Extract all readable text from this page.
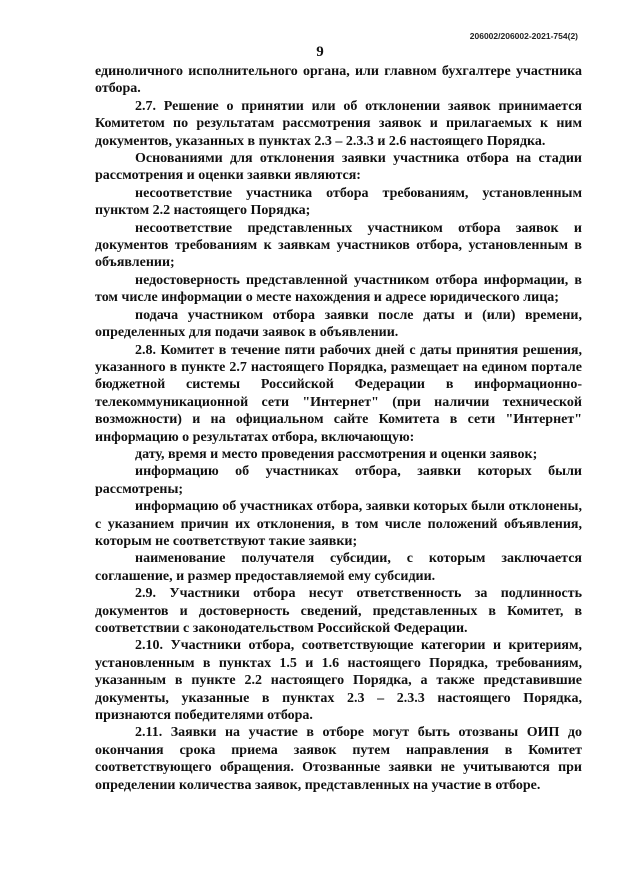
206002/206002-2021-754(2)
9

единоличного исполнительного органа, или главном бухгалтере участника отбора.

2.7. Решение о принятии или об отклонении заявок принимается Комитетом по результатам рассмотрения заявок и прилагаемых к ним документов, указанных в пунктах 2.3 – 2.3.3 и 2.6 настоящего Порядка.

Основаниями для отклонения заявки участника отбора на стадии рассмотрения и оценки заявки являются:

несоответствие участника отбора требованиям, установленным пунктом 2.2 настоящего Порядка;

несоответствие представленных участником отбора заявок и документов требованиям к заявкам участников отбора, установленным в объявлении;

недостоверность представленной участником отбора информации, в том числе информации о месте нахождения и адресе юридического лица;

подача участником отбора заявки после даты и (или) времени, определенных для подачи заявок в объявлении.

2.8. Комитет в течение пяти рабочих дней с даты принятия решения, указанного в пункте 2.7 настоящего Порядка, размещает на едином портале бюджетной системы Российской Федерации в информационно-телекоммуникационной сети "Интернет" (при наличии технической возможности) и на официальном сайте Комитета в сети "Интернет" информацию о результатах отбора, включающую:

дату, время и место проведения рассмотрения и оценки заявок;

информацию об участниках отбора, заявки которых были рассмотрены;

информацию об участниках отбора, заявки которых были отклонены, с указанием причин их отклонения, в том числе положений объявления, которым не соответствуют такие заявки;

наименование получателя субсидии, с которым заключается соглашение, и размер предоставляемой ему субсидии.

2.9. Участники отбора несут ответственность за подлинность документов и достоверность сведений, представленных в Комитет, в соответствии с законодательством Российской Федерации.

2.10. Участники отбора, соответствующие категории и критериям, установленным в пунктах 1.5 и 1.6 настоящего Порядка, требованиям, указанным в пункте 2.2 настоящего Порядка, а также представившие документы, указанные в пунктах 2.3 – 2.3.3 настоящего Порядка, признаются победителями отбора.

2.11. Заявки на участие в отборе могут быть отозваны ОИП до окончания срока приема заявок путем направления в Комитет соответствующего обращения. Отозванные заявки не учитываются при определении количества заявок, представленных на участие в отборе.
